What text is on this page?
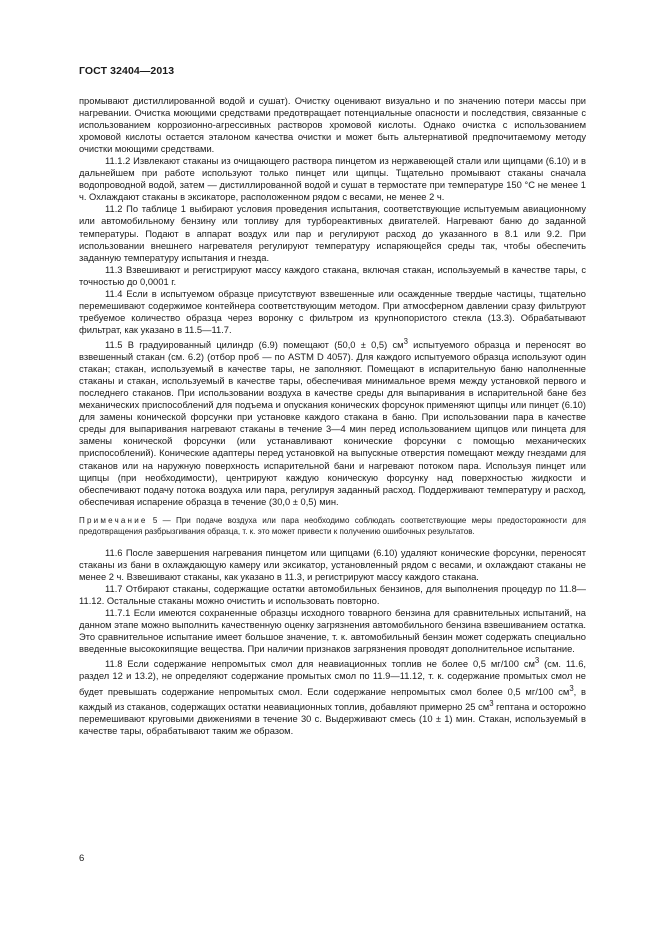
ГОСТ 32404—2013

промывают дистиллированной водой и сушат). Очистку оценивают визуально и по значению потери массы при нагревании. Очистка моющими средствами предотвращает потенциальные опасности и последствия, связанные с использованием коррозионно-агрессивных растворов хромовой кислоты. Однако очистка с использованием хромовой кислоты остается эталоном качества очистки и может быть альтернативой предпочитаемому методу очистки моющими средствами.

11.1.2 Извлекают стаканы из очищающего раствора пинцетом из нержавеющей стали или щипцами (6.10) и в дальнейшем при работе используют только пинцет или щипцы. Тщательно промывают стаканы сначала водопроводной водой, затем — дистиллированной водой и сушат в термостате при температуре 150 °С не менее 1 ч. Охлаждают стаканы в эксикаторе, расположенном рядом с весами, не менее 2 ч.

11.2 По таблице 1 выбирают условия проведения испытания, соответствующие испытуемым авиационному или автомобильному бензину или топливу для турбореактивных двигателей. Нагревают баню до заданной температуры. Подают в аппарат воздух или пар и регулируют расход до указанного в 8.1 или 9.2. При использовании внешнего нагревателя регулируют температуру испаряющейся среды так, чтобы обеспечить заданную температуру испытания и гнезда.

11.3 Взвешивают и регистрируют массу каждого стакана, включая стакан, используемый в качестве тары, с точностью до 0,0001 г.

11.4 Если в испытуемом образце присутствуют взвешенные или осажденные твердые частицы, тщательно перемешивают содержимое контейнера соответствующим методом. При атмосферном давлении сразу фильтруют требуемое количество образца через воронку с фильтром из крупнопористого стекла (13.3). Обрабатывают фильтрат, как указано в 11.5—11.7.

11.5 В градуированный цилиндр (6.9) помещают (50,0 ± 0,5) $см^3$ испытуемого образца и переносят во взвешенный стакан (см. 6.2) (отбор проб — по ASTM D 4057). Для каждого испытуемого образца используют один стакан; стакан, используемый в качестве тары, не заполняют. Помещают в испарительную баню наполненные стаканы и стакан, используемый в качестве тары, обеспечивая минимальное время между установкой первого и последнего стаканов. При использовании воздуха в качестве среды для выпаривания в испарительной бане без механических приспособлений для подъема и опускания конических форсунок применяют щипцы или пинцет (6.10) для замены конической форсунки при установке каждого стакана в баню. При использовании пара в качестве среды для выпаривания нагревают стаканы в течение 3—4 мин перед использованием щипцов или пинцета для замены конической форсунки (или устанавливают конические форсунки с помощью механических приспособлений). Конические адаптеры перед установкой на выпускные отверстия помещают между гнездами для стаканов или на наружную поверхность испарительной бани и нагревают потоком пара. Используя пинцет или щипцы (при необходимости), центрируют каждую коническую форсунку над поверхностью жидкости и обеспечивают подачу потока воздуха или пара, регулируя заданный расход. Поддерживают температуру и расход, обеспечивая испарение образца в течение (30,0 ± 0,5) мин.

Примечание 5 — При подаче воздуха или пара необходимо соблюдать соответствующие меры предосторожности для предотвращения разбрызгивания образца, т. к. это может привести к получению ошибочных результатов.

11.6 После завершения нагревания пинцетом или щипцами (6.10) удаляют конические форсунки, переносят стаканы из бани в охлаждающую камеру или эксикатор, установленный рядом с весами, и охлаждают стаканы не менее 2 ч. Взвешивают стаканы, как указано в 11.3, и регистрируют массу каждого стакана.

11.7 Отбирают стаканы, содержащие остатки автомобильных бензинов, для выполнения процедур по 11.8—11.12. Остальные стаканы можно очистить и использовать повторно.

11.7.1 Если имеются сохраненные образцы исходного товарного бензина для сравнительных испытаний, на данном этапе можно выполнить качественную оценку загрязнения автомобильного бензина взвешиванием остатка. Это сравнительное испытание имеет большое значение, т. к. автомобильный бензин может содержать специально введенные высококипящие вещества. При наличии признаков загрязнения проводят дополнительное испытание.

11.8 Если содержание непромытых смол для неавиационных топлив не более 0,5 мг/100 $см^3$ (см. 11.6, раздел 12 и 13.2), не определяют содержание промытых смол по 11.9—11.12, т. к. содержание промытых смол не будет превышать содержание непромытых смол. Если содержание непромытых смол более 0,5 мг/100 $см^3$, в каждый из стаканов, содержащих остатки неавиационных топлив, добавляют примерно 25 $см^3$ гептана и осторожно перемешивают круговыми движениями в течение 30 с. Выдерживают смесь (10 ± 1) мин. Стакан, используемый в качестве тары, обрабатывают таким же образом.

6
